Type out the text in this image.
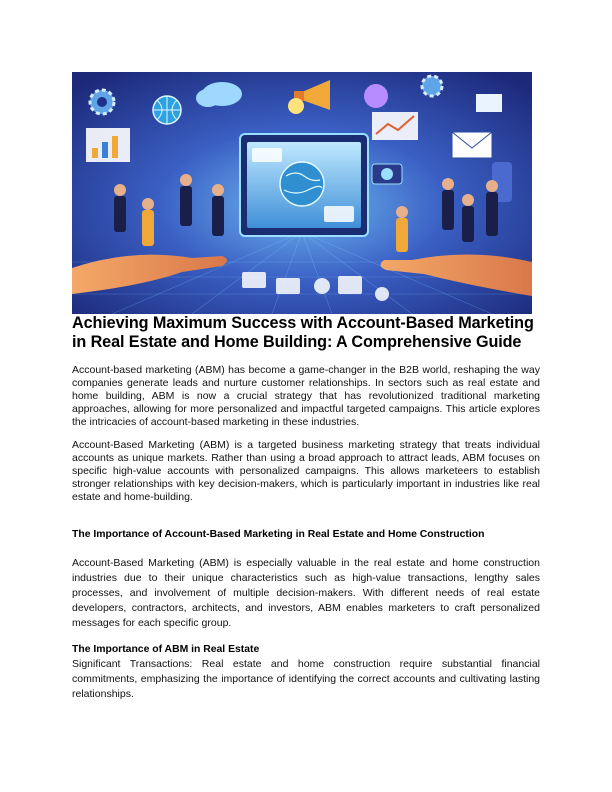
Achieving Maximum Success with Account-Based Marketing in Real Estate and Home Building: A Comprehensive Guide

Account-based marketing (ABM) has become a game-changer in the B2B world, reshaping the way companies generate leads and nurture customer relationships. In sectors such as real estate and home building, ABM is now a crucial strategy that has revolutionized traditional marketing approaches, allowing for more personalized and impactful targeted campaigns. This article explores the intricacies of account-based marketing in these industries.

Account-Based Marketing (ABM) is a targeted business marketing strategy that treats individual accounts as unique markets. Rather than using a broad approach to attract leads, ABM focuses on specific high-value accounts with personalized campaigns. This allows marketeers to establish stronger relationships with key decision-makers, which is particularly important in industries like real estate and home-building.

The Importance of Account-Based Marketing in Real Estate and Home Construction

Account-Based Marketing (ABM) is especially valuable in the real estate and home construction industries due to their unique characteristics such as high-value transactions, lengthy sales processes, and involvement of multiple decision-makers. With different needs of real estate developers, contractors, architects, and investors, ABM enables marketers to craft personalized messages for each specific group.

The Importance of ABM in Real Estate

Significant Transactions: Real estate and home construction require substantial financial commitments, emphasizing the importance of identifying the correct accounts and cultivating lasting relationships.
